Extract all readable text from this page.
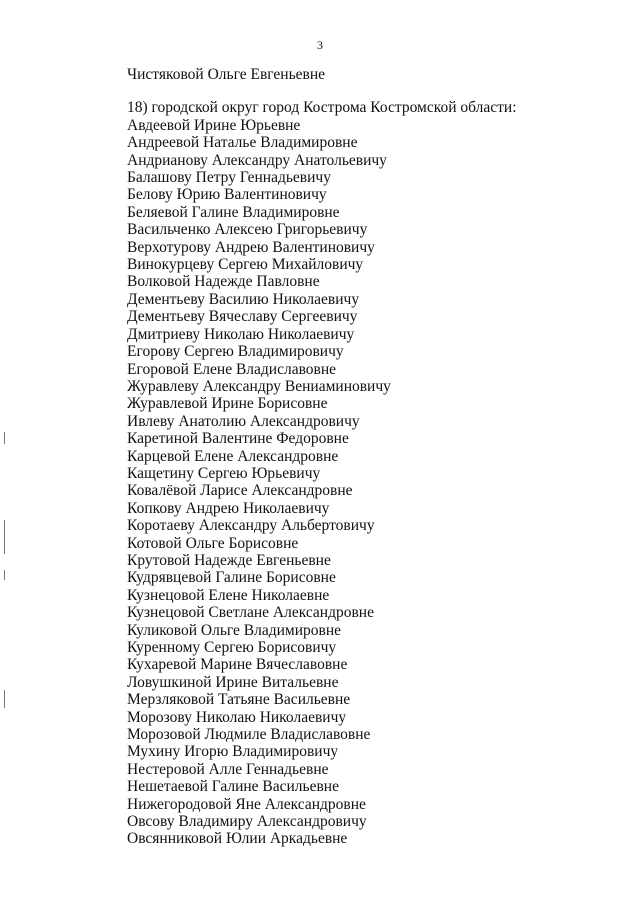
3
Чистяковой Ольге Евгеньевне
18) городской округ город Кострома Костромской области:
Авдеевой Ирине Юрьевне
Андреевой Наталье Владимировне
Андрианову Александру Анатольевичу
Балашову Петру Геннадьевичу
Белову Юрию Валентиновичу
Беляевой Галине Владимировне
Васильченко Алексею Григорьевичу
Верхотурову Андрею Валентиновичу
Винокурцеву Сергею Михайловичу
Волковой Надежде Павловне
Дементьеву Василию Николаевичу
Дементьеву Вячеславу Сергеевичу
Дмитриеву Николаю Николаевичу
Егорову Сергею Владимировичу
Егоровой Елене Владиславовне
Журавлеву Александру Вениаминовичу
Журавлевой Ирине Борисовне
Ивлеву Анатолию Александровичу
Каретиной Валентине Федоровне
Карцевой Елене Александровне
Кащетину Сергею Юрьевичу
Ковалёвой Ларисе Александровне
Копкову Андрею Николаевичу
Коротаеву Александру Альбертовичу
Котовой Ольге Борисовне
Крутовой Надежде Евгеньевне
Кудрявцевой Галине Борисовне
Кузнецовой Елене Николаевне
Кузнецовой Светлане Александровне
Куликовой Ольге Владимировне
Куренному Сергею Борисовичу
Кухаревой Марине Вячеславовне
Ловушкиной Ирине Витальевне
Мерзляковой Татьяне Васильевне
Морозову Николаю Николаевичу
Морозовой Людмиле Владиславовне
Мухину Игорю Владимировичу
Нестеровой Алле Геннадьевне
Нешетаевой Галине Васильевне
Нижегородовой Яне Александровне
Овсову Владимиру Александровичу
Овсянниковой Юлии Аркадьевне
